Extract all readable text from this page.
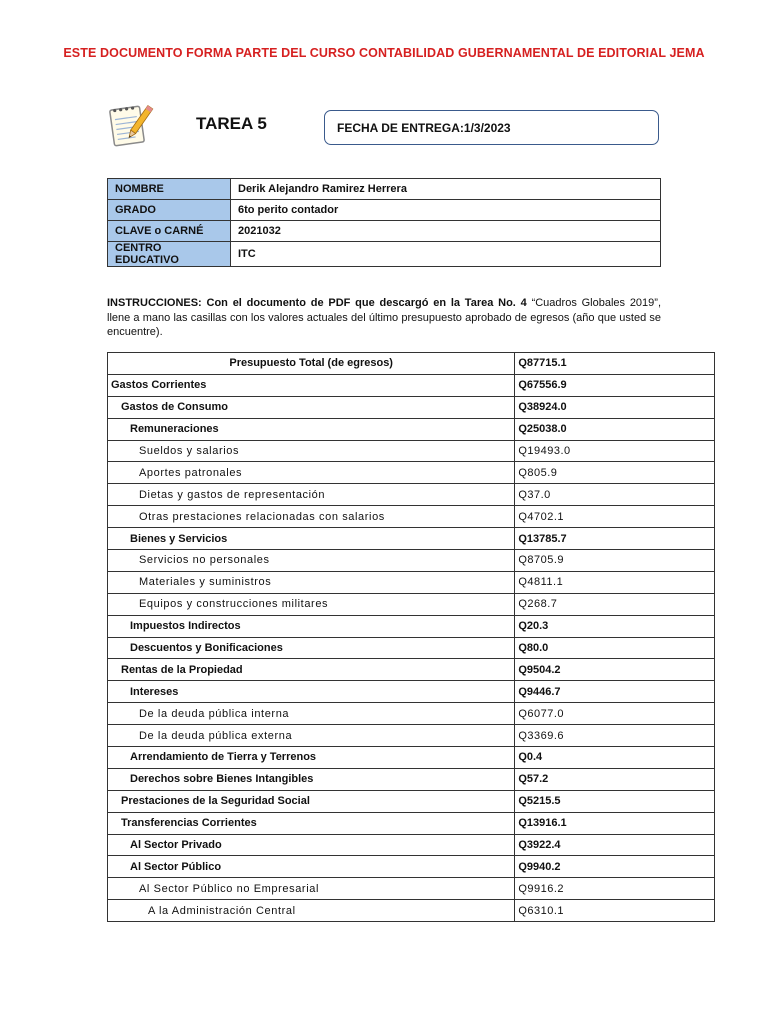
ESTE DOCUMENTO FORMA PARTE DEL CURSO CONTABILIDAD GUBERNAMENTAL DE EDITORIAL JEMA
TAREA 5	FECHA DE ENTREGA:1/3/2023
NOMBRE	Derik Alejandro Ramirez Herrera
GRADO	6to perito contador
CLAVE o CARNÉ	2021032
CENTRO EDUCATIVO	ITC
INSTRUCCIONES: Con el documento de PDF que descargó en la Tarea No. 4 “Cuadros Globales 2019”, llene a mano las casillas con los valores actuales del último presupuesto aprobado de egresos (año que usted se encuentre).
Presupuesto Total (de egresos)	Q87715.1
Gastos Corrientes	Q67556.9
Gastos de Consumo	Q38924.0
Remuneraciones	Q25038.0
Sueldos y salarios	Q19493.0
Aportes patronales	Q805.9
Dietas y gastos de representación	Q37.0
Otras prestaciones relacionadas con salarios	Q4702.1
Bienes y Servicios	Q13785.7
Servicios no personales	Q8705.9
Materiales y suministros	Q4811.1
Equipos y construcciones militares	Q268.7
Impuestos Indirectos	Q20.3
Descuentos y Bonificaciones	Q80.0
Rentas de la Propiedad	Q9504.2
Intereses	Q9446.7
De la deuda pública interna	Q6077.0
De la deuda pública externa	Q3369.6
Arrendamiento de Tierra y Terrenos	Q0.4
Derechos sobre Bienes Intangibles	Q57.2
Prestaciones de la Seguridad Social	Q5215.5
Transferencias Corrientes	Q13916.1
Al Sector Privado	Q3922.4
Al Sector Público	Q9940.2
Al Sector Público no Empresarial	Q9916.2
A la Administración Central	Q6310.1
